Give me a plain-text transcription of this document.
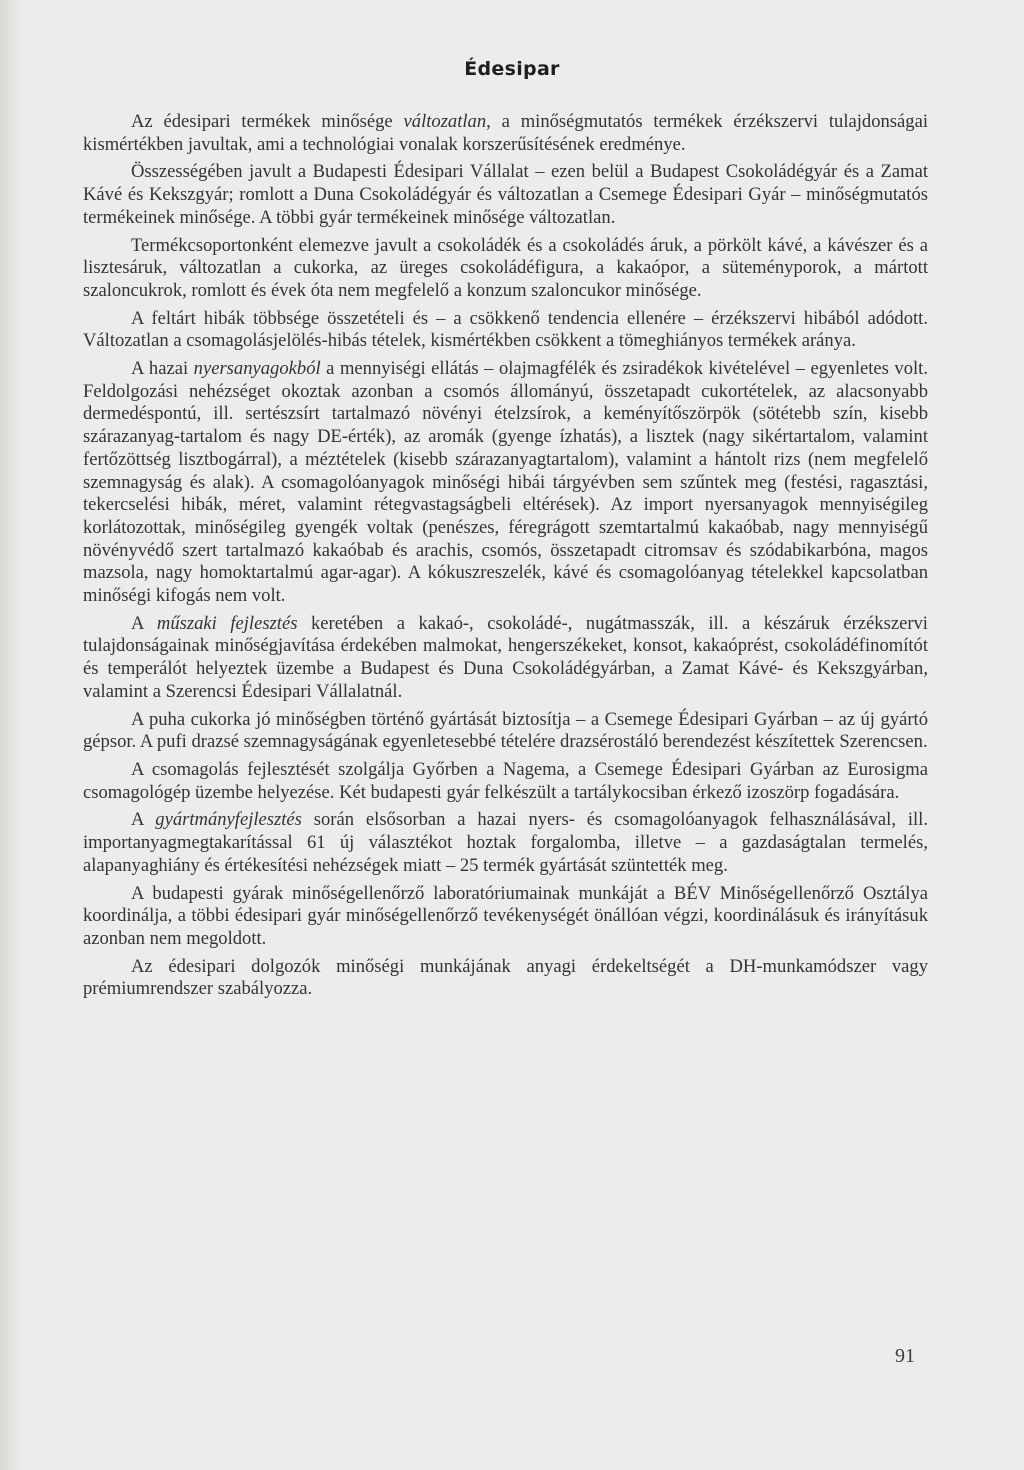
Édesipar

Az édesipari termékek minősége változatlan, a minőségmutatós termékek érzékszervi tulajdonságai kismértékben javultak, ami a technológiai vonalak korszerűsítésének eredménye.

Összességében javult a Budapesti Édesipari Vállalat – ezen belül a Budapest Csokoládégyár és a Zamat Kávé és Kekszgyár; romlott a Duna Csokoládégyár és változatlan a Csemege Édesipari Gyár – minőségmutatós termékeinek minősége. A többi gyár termékeinek minősége változatlan.

Termékcsoportonként elemezve javult a csokoládék és a csokoládés áruk, a pörkölt kávé, a kávészer és a lisztesáruk, változatlan a cukorka, az üreges csokoládéfigura, a kakaópor, a süteményporok, a mártott szaloncukrok, romlott és évek óta nem megfelelő a konzum szaloncukor minősége.

A feltárt hibák többsége összetételi és – a csökkenő tendencia ellenére – érzékszervi hibából adódott. Változatlan a csomagolásjelölés-hibás tételek, kismértékben csökkent a tömeghiányos termékek aránya.

A hazai nyersanyagokból a mennyiségi ellátás – olajmagfélék és zsiradékok kivételével – egyenletes volt. Feldolgozási nehézséget okoztak azonban a csomós állományú, összetapadt cukortételek, az alacsonyabb dermedéspontú, ill. sertészsírt tartalmazó növényi ételzsírok, a keményítőszörpök (sötétebb szín, kisebb szárazanyag-tartalom és nagy DE-érték), az aromák (gyenge ízhatás), a lisztek (nagy sikértartalom, valamint fertőzöttség lisztbogárral), a méztételek (kisebb szárazanyagtartalom), valamint a hántolt rizs (nem megfelelő szemnagyság és alak). A csomagolóanyagok minőségi hibái tárgyévben sem szűntek meg (festési, ragasztási, tekercselési hibák, méret, valamint rétegvastagságbeli eltérések). Az import nyersanyagok mennyiségileg korlátozottak, minőségileg gyengék voltak (penészes, féregrágott szemtartalmú kakaóbab, nagy mennyiségű növényvédő szert tartalmazó kakaóbab és arachis, csomós, összetapadt citromsav és szódabikarbóna, magos mazsola, nagy homoktartalmú agar-agar). A kókuszreszelék, kávé és csomagolóanyag tételekkel kapcsolatban minőségi kifogás nem volt.

A műszaki fejlesztés keretében a kakaó-, csokoládé-, nugátmasszák, ill. a készáruk érzékszervi tulajdonságainak minőségjavítása érdekében malmokat, hengerszékeket, konsot, kakaóprést, csokoládéfinomítót és temperálót helyeztek üzembe a Budapest és Duna Csokoládégyárban, a Zamat Kávé- és Kekszgyárban, valamint a Szerencsi Édesipari Vállalatnál.

A puha cukorka jó minőségben történő gyártását biztosítja – a Csemege Édesipari Gyárban – az új gyártó gépsor. A pufi drazsé szemnagyságának egyenletesebbé tételére drazsérostáló berendezést készítettek Szerencsen.

A csomagolás fejlesztését szolgálja Győrben a Nagema, a Csemege Édesipari Gyárban az Eurosigma csomagológép üzembe helyezése. Két budapesti gyár felkészült a tartálykocsiban érkező izoszörp fogadására.

A gyártmányfejlesztés során elsősorban a hazai nyers- és csomagolóanyagok felhasználásával, ill. importanyagmegtakarítással 61 új választékot hoztak forgalomba, illetve – a gazdaságtalan termelés, alapanyaghiány és értékesítési nehézségek miatt – 25 termék gyártását szüntették meg.

A budapesti gyárak minőségellenőrző laboratóriumainak munkáját a BÉV Minőségellenőrző Osztálya koordinálja, a többi édesipari gyár minőségellenőrző tevékenységét önállóan végzi, koordinálásuk és irányításuk azonban nem megoldott.

Az édesipari dolgozók minőségi munkájának anyagi érdekeltségét a DH-munkamódszer vagy prémiumrendszer szabályozza.

91
